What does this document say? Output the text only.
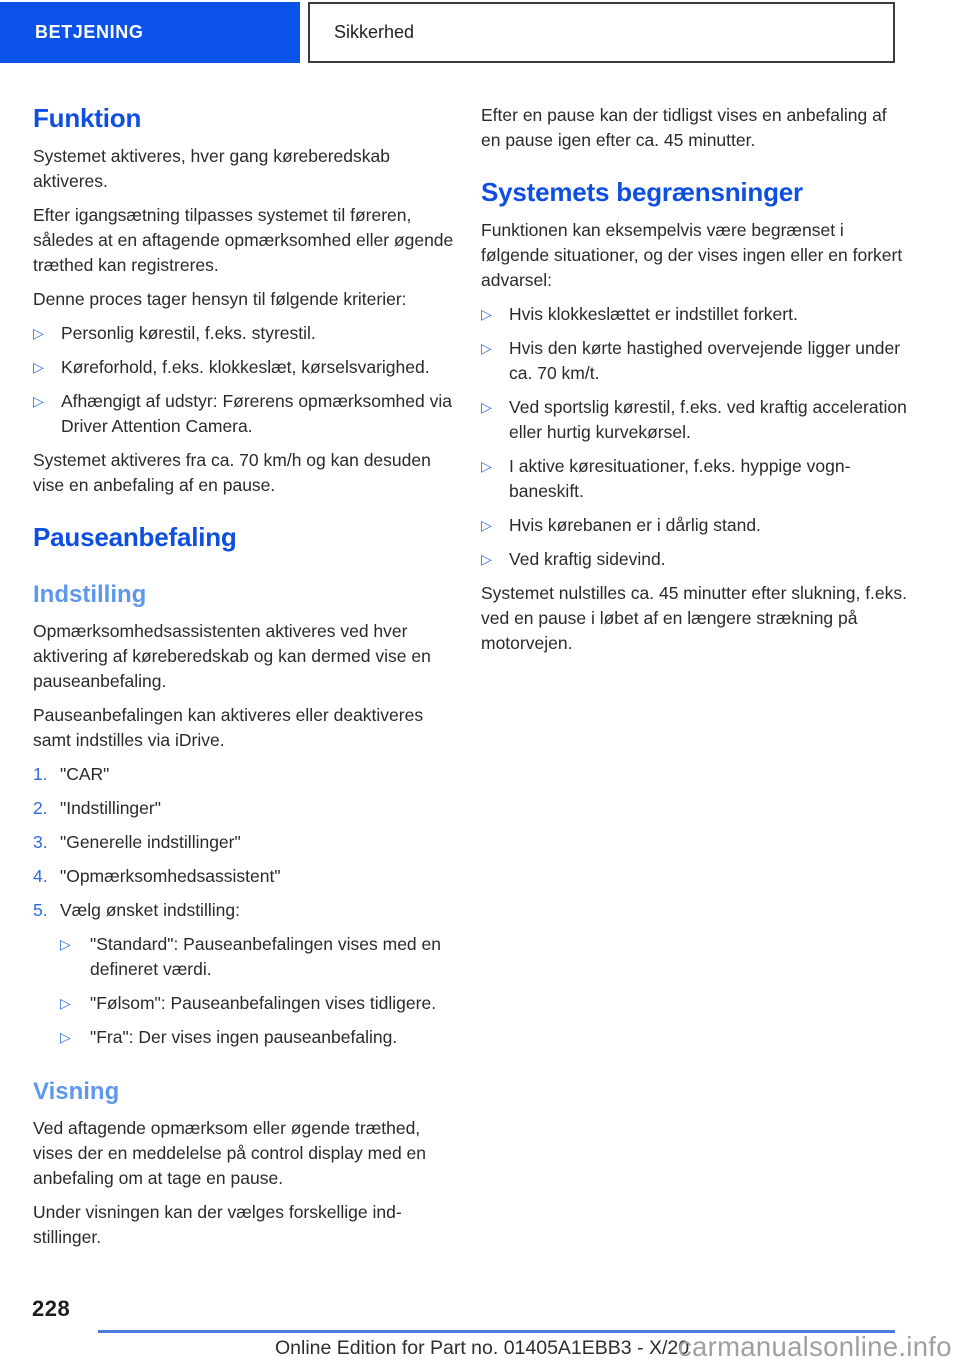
BETJENING	Sikkerhed
Funktion

Systemet aktiveres, hver gang køreberedskab aktiveres.

Efter igangsætning tilpasses systemet til føreren, således at en aftagende opmærksomhed eller øgende træthed kan registreres.

Denne proces tager hensyn til følgende kriterier:

▷ Personlig kørestil, f.eks. styrestil.
▷ Køreforhold, f.eks. klokkeslæt, kørselsvarighed.
▷ Afhængigt af udstyr: Førerens opmærksomhed via Driver Attention Camera.

Systemet aktiveres fra ca. 70 km/h og kan desuden vise en anbefaling af en pause.

Pauseanbefaling
Indstilling

Opmærksomhedsassistenten aktiveres ved hver aktivering af køreberedskab og kan dermed vise en pauseanbefaling.

Pauseanbefalingen kan aktiveres eller deaktiveres samt indstilles via iDrive.

1. "CAR"
2. "Indstillinger"
3. "Generelle indstillinger"
4. "Opmærksomhedsassistent"
5. Vælg ønsket indstilling:
▷	"Standard": Pauseanbefalingen vises med en defineret værdi.
▷	"Følsom": Pauseanbefalingen vises tidligere.
▷	"Fra": Der vises ingen pauseanbefaling.
Visning

Ved aftagende opmærksom eller øgende træthed, vises der en meddelelse på control display med en anbefaling om at tage en pause.

Under visningen kan der vælges forskellige indstillinger.

Efter en pause kan der tidligst vises en anbefaling af en pause igen efter ca. 45 minutter.

Systemets begrænsninger

Funktionen kan eksempelvis være begrænset i følgende situationer, og der vises ingen eller en forkert advarsel:

▷ Hvis klokkeslættet er indstillet forkert.
▷ Hvis den kørte hastighed overvejende ligger under ca. 70 km/t.
▷ Ved sportslig kørestil, f.eks. ved kraftig acceleration eller hurtig kurvekørsel.
▷ I aktive køresituationer, f.eks. hyppige vognbaneskift.
▷ Hvis kørebanen er i dårlig stand.
▷ Ved kraftig sidevind.

Systemet nulstilles ca. 45 minutter efter slukning, f.eks. ved en pause i løbet af en længere strækning på motorvejen.

228
Online Edition for Part no. 01405A1EBB3 - X/20
carmanualsonline.info
